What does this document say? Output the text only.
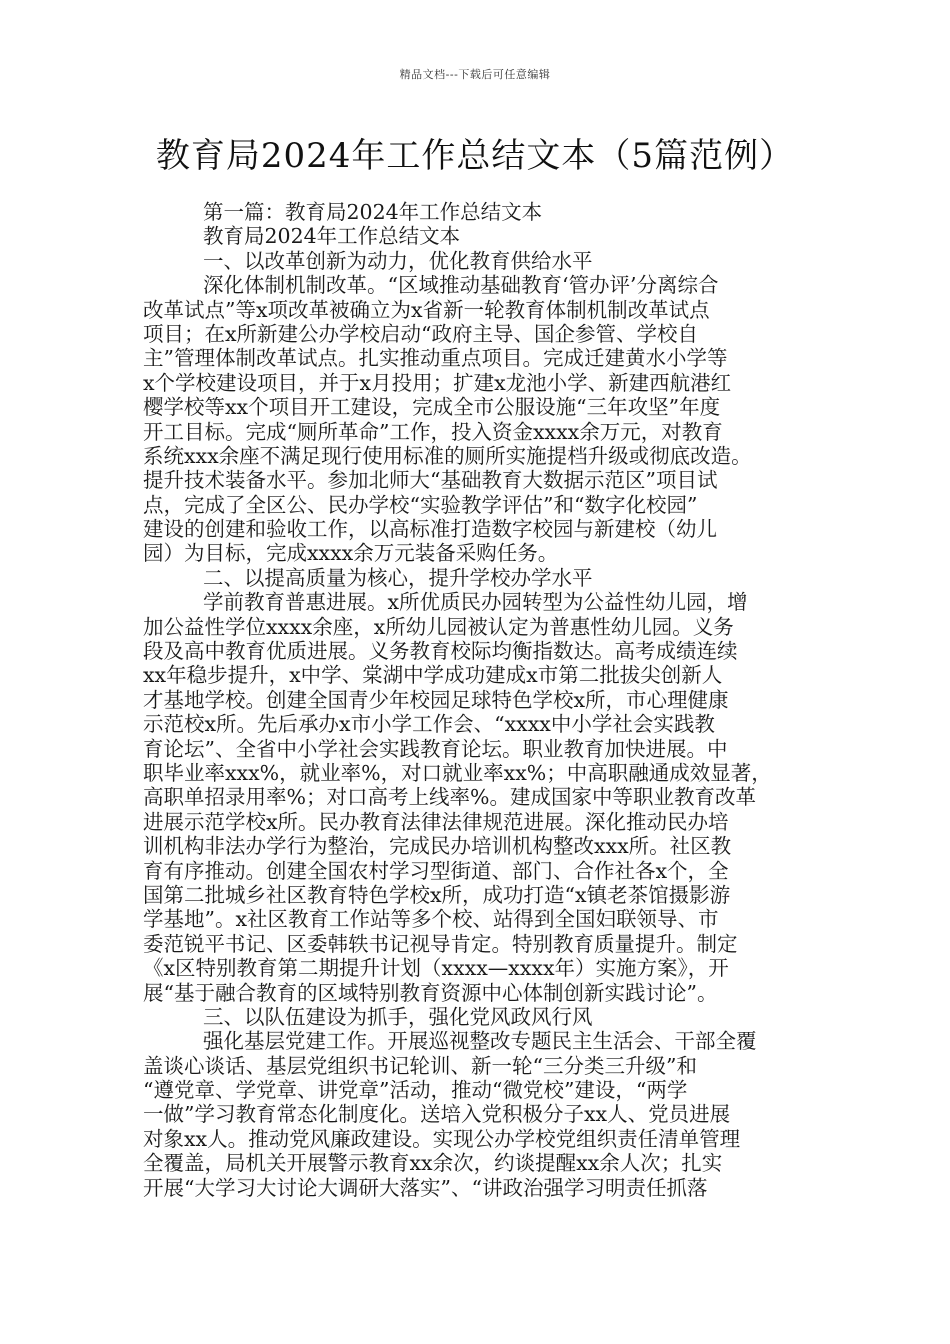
精品文档---下载后可任意编辑
教育局2024年工作总结文本（5篇范例）
第一篇：教育局2024年工作总结文本
教育局2024年工作总结文本
一、以改革创新为动力，优化教育供给水平
深化体制机制改革。“区域推动基础教育‘管办评’分离综合
改革试点”等x项改革被确立为x省新一轮教育体制机制改革试点
项目；在x所新建公办学校启动“政府主导、国企参管、学校自
主”管理体制改革试点。扎实推动重点项目。完成迁建黄水小学等
x个学校建设项目，并于x月投用；扩建x龙池小学、新建西航港红
樱学校等xx个项目开工建设，完成全市公服设施“三年攻坚”年度
开工目标。完成“厕所革命”工作，投入资金xxxx余万元，对教育
系统xxx余座不满足现行使用标准的厕所实施提档升级或彻底改造。
提升技术装备水平。参加北师大“基础教育大数据示范区”项目试
点，完成了全区公、民办学校“实验教学评估”和“数字化校园”
建设的创建和验收工作，以高标准打造数字校园与新建校（幼儿
园）为目标，完成xxxx余万元装备采购任务。
二、以提高质量为核心，提升学校办学水平
学前教育普惠进展。x所优质民办园转型为公益性幼儿园，增
加公益性学位xxxx余座，x所幼儿园被认定为普惠性幼儿园。义务
段及高中教育优质进展。义务教育校际均衡指数达。高考成绩连续
xx年稳步提升，x中学、棠湖中学成功建成x市第二批拔尖创新人
才基地学校。创建全国青少年校园足球特色学校x所，市心理健康
示范校x所。先后承办x市小学工作会、“xxxx中小学社会实践教
育论坛”、全省中小学社会实践教育论坛。职业教育加快进展。中
职毕业率xxx%，就业率%，对口就业率xx%；中高职融通成效显著，
高职单招录用率%；对口高考上线率%。建成国家中等职业教育改革
进展示范学校x所。民办教育法律法律规范进展。深化推动民办培
训机构非法办学行为整治，完成民办培训机构整改xxx所。社区教
育有序推动。创建全国农村学习型街道、部门、合作社各x个，全
国第二批城乡社区教育特色学校x所，成功打造“x镇老茶馆摄影游
学基地”。x社区教育工作站等多个校、站得到全国妇联领导、市
委范锐平书记、区委韩轶书记视导肯定。特别教育质量提升。制定
《x区特别教育第二期提升计划（xxxx—xxxx年）实施方案》，开
展“基于融合教育的区域特别教育资源中心体制创新实践讨论”。
三、以队伍建设为抓手，强化党风政风行风
强化基层党建工作。开展巡视整改专题民主生活会、干部全覆
盖谈心谈话、基层党组织书记轮训、新一轮“三分类三升级”和
“遵党章、学党章、讲党章”活动，推动“微党校”建设，“两学
一做”学习教育常态化制度化。送培入党积极分子xx人、党员进展
对象xx人。推动党风廉政建设。实现公办学校党组织责任清单管理
全覆盖，局机关开展警示教育xx余次，约谈提醒xx余人次；扎实
开展“大学习大讨论大调研大落实”、“讲政治强学习明责任抓落
